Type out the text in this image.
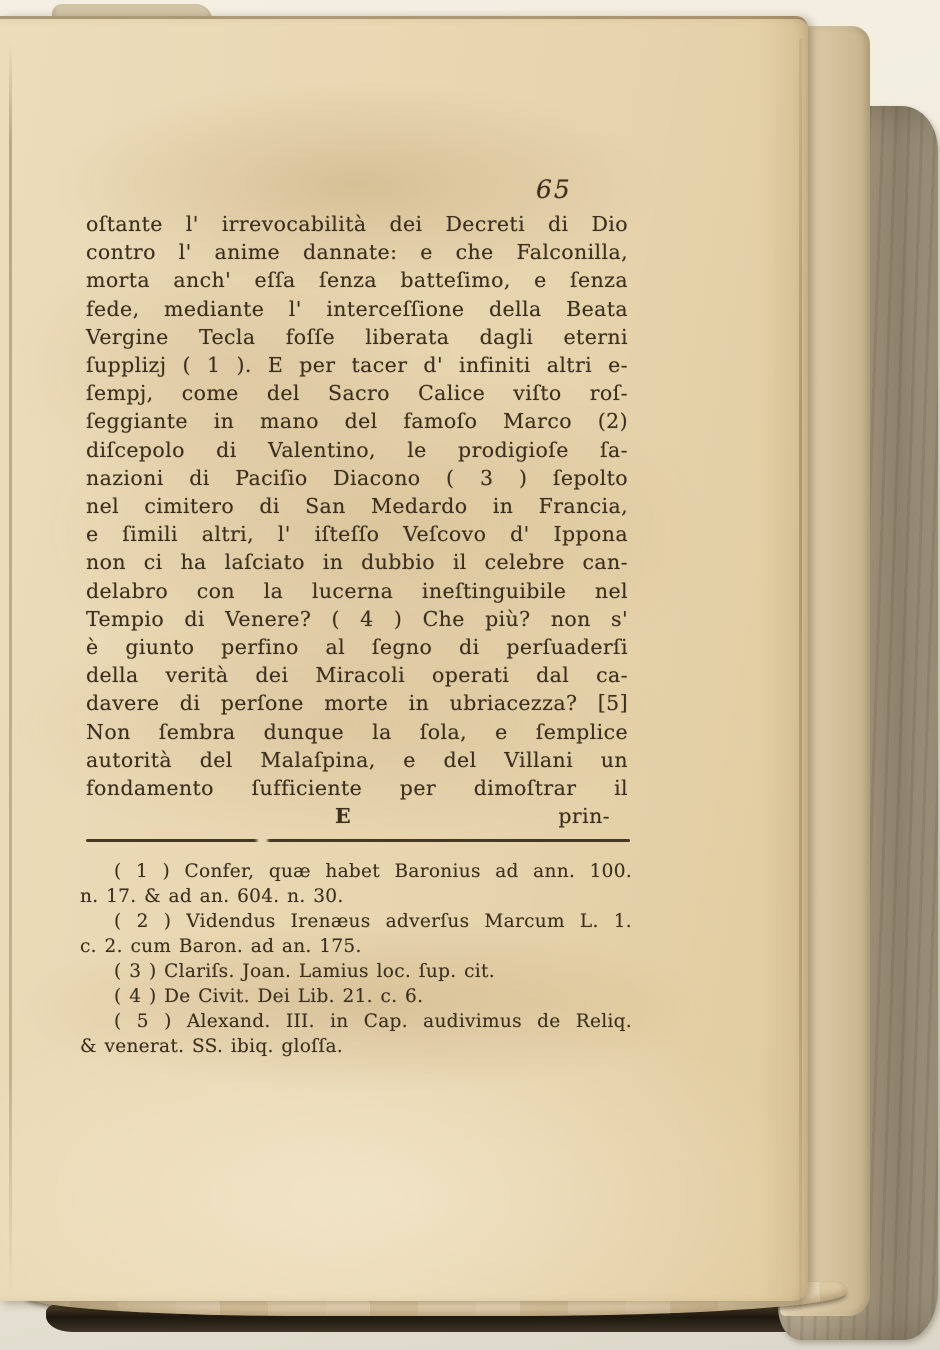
65
oſtante l' irrevocabilità dei Decreti di Dio
contro l' anime dannate: e che Falconilla,
morta anch' eſſa ſenza batteſimo, e ſenza
fede, mediante l' interceſſione della Beata
Vergine Tecla foſſe liberata dagli eterni
ſupplizj ( 1 ). E per tacer d' infiniti altri e-
ſempj, come del Sacro Calice viſto roſ-
ſeggiante in mano del famoſo Marco (2)
diſcepolo di Valentino, le prodigioſe ſa-
nazioni di Paciſio Diacono ( 3 ) ſepolto
nel cimitero di San Medardo in Francia,
e ſimili altri, l' iſteſſo Veſcovo d' Ippona
non ci ha laſciato in dubbio il celebre can-
delabro con la lucerna ineſtinguibile nel
Tempio di Venere? ( 4 ) Che più? non s'
è giunto perfino al ſegno di perſuaderſi
della verità dei Miracoli operati dal ca-
davere di perſone morte in ubriacezza? [5]
Non ſembra dunque la ſola, e ſemplice
autorità del Malaſpina, e del Villani un
fondamento ſufficiente per dimoſtrar il
E	prin-
( 1 ) Confer, quæ habet Baronius ad ann. 100.
n. 17. & ad an. 604. n. 30.
( 2 ) Videndus Irenæus adverſus Marcum L. 1.
c. 2. cum Baron. ad an. 175.
( 3 ) Clariſs. Joan. Lamius loc. ſup. cit.
( 4 ) De Civit. Dei Lib. 21. c. 6.
( 5 ) Alexand. III. in Cap. audivimus de Reliq.
& venerat. SS. ibiq. gloſſa.
